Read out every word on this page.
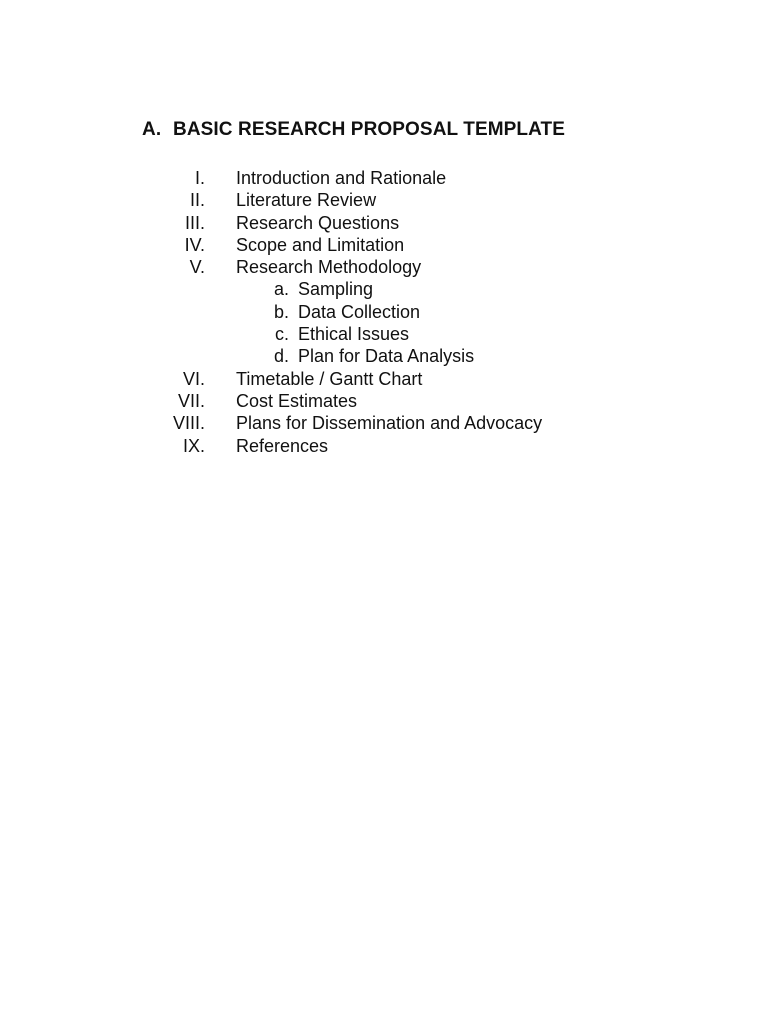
A. BASIC RESEARCH PROPOSAL TEMPLATE
I. Introduction and Rationale
II. Literature Review
III. Research Questions
IV. Scope and Limitation
V. Research Methodology
a. Sampling
b. Data Collection
c. Ethical Issues
d. Plan for Data Analysis
VI. Timetable / Gantt Chart
VII. Cost Estimates
VIII. Plans for Dissemination and Advocacy
IX. References
